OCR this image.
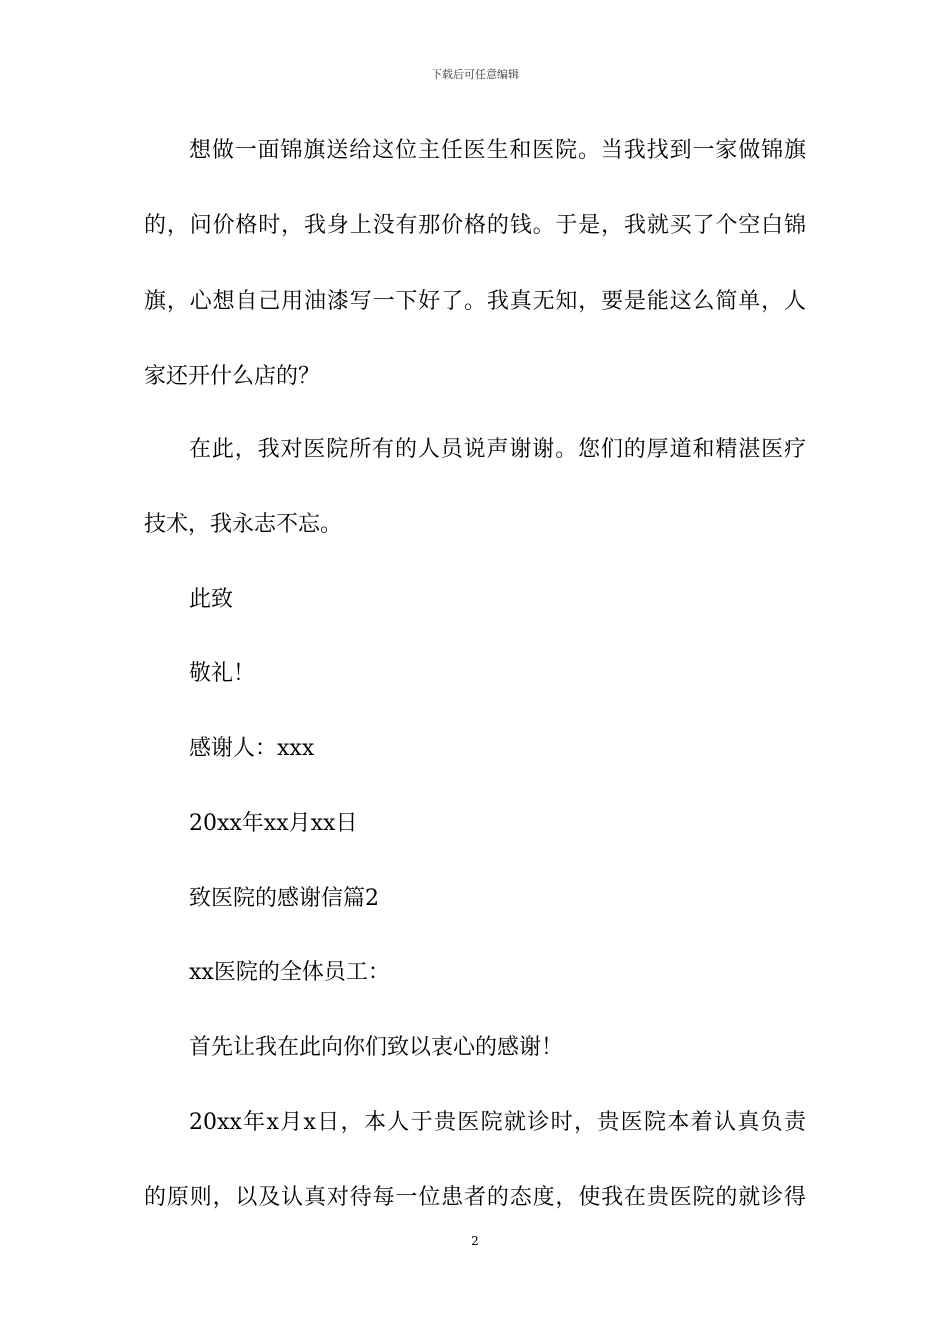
下载后可任意编辑
想做一面锦旗送给这位主任医生和医院。当我找到一家做锦旗
的，问价格时，我身上没有那价格的钱。于是，我就买了个空白锦
旗，心想自己用油漆写一下好了。我真无知，要是能这么简单，人
家还开什么店的？
在此，我对医院所有的人员说声谢谢。您们的厚道和精湛医疗
技术，我永志不忘。
此致
敬礼！
感谢人：xxx
20xx年xx月xx日
致医院的感谢信篇2
xx医院的全体员工：
首先让我在此向你们致以衷心的感谢！
20xx年x月x日，本人于贵医院就诊时，贵医院本着认真负责
的原则，以及认真对待每一位患者的态度，使我在贵医院的就诊得
2
